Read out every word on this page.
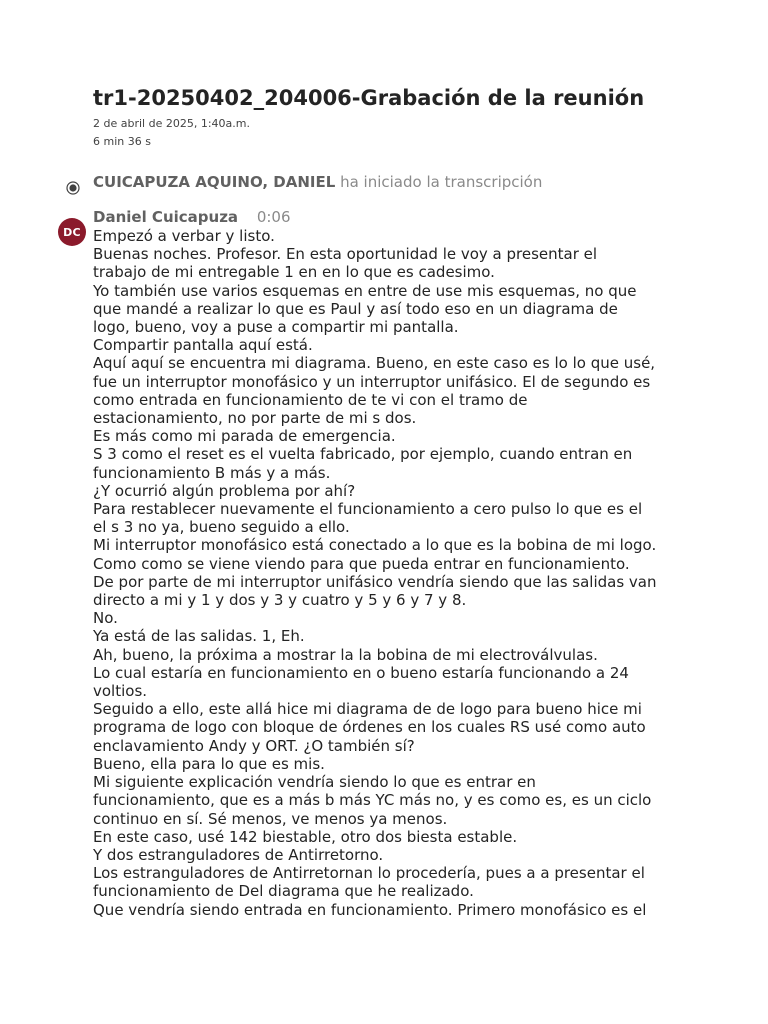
tr1-20250402_204006-Grabación de la reunión
2 de abril de 2025, 1:40a.m.
6 min 36 s
CUICAPUZA AQUINO, DANIEL ha iniciado la transcripción
DC
Daniel Cuicapuza 0:06
Empezó a verbar y listo.
Buenas noches. Profesor. En esta oportunidad le voy a presentar el
trabajo de mi entregable 1 en en lo que es cadesimo.
Yo también use varios esquemas en entre de use mis esquemas, no que
que mandé a realizar lo que es Paul y así todo eso en un diagrama de
logo, bueno, voy a puse a compartir mi pantalla.
Compartir pantalla aquí está.
Aquí aquí se encuentra mi diagrama. Bueno, en este caso es lo lo que usé,
fue un interruptor monofásico y un interruptor unifásico. El de segundo es
como entrada en funcionamiento de te vi con el tramo de
estacionamiento, no por parte de mi s dos.
Es más como mi parada de emergencia.
S 3 como el reset es el vuelta fabricado, por ejemplo, cuando entran en
funcionamiento B más y a más.
¿Y ocurrió algún problema por ahí?
Para restablecer nuevamente el funcionamiento a cero pulso lo que es el
el s 3 no ya, bueno seguido a ello.
Mi interruptor monofásico está conectado a lo que es la bobina de mi logo.
Como como se viene viendo para que pueda entrar en funcionamiento.
De por parte de mi interruptor unifásico vendría siendo que las salidas van
directo a mi y 1 y dos y 3 y cuatro y 5 y 6 y 7 y 8.
No.
Ya está de las salidas. 1, Eh.
Ah, bueno, la próxima a mostrar la la bobina de mi electroválvulas.
Lo cual estaría en funcionamiento en o bueno estaría funcionando a 24
voltios.
Seguido a ello, este allá hice mi diagrama de de logo para bueno hice mi
programa de logo con bloque de órdenes en los cuales RS usé como auto
enclavamiento Andy y ORT. ¿O también sí?
Bueno, ella para lo que es mis.
Mi siguiente explicación vendría siendo lo que es entrar en
funcionamiento, que es a más b más YC más no, y es como es, es un ciclo
continuo en sí. Sé menos, ve menos ya menos.
En este caso, usé 142 biestable, otro dos biesta estable.
Y dos estranguladores de Antirretorno.
Los estranguladores de Antirretornan lo procedería, pues a a presentar el
funcionamiento de Del diagrama que he realizado.
Que vendría siendo entrada en funcionamiento. Primero monofásico es el
